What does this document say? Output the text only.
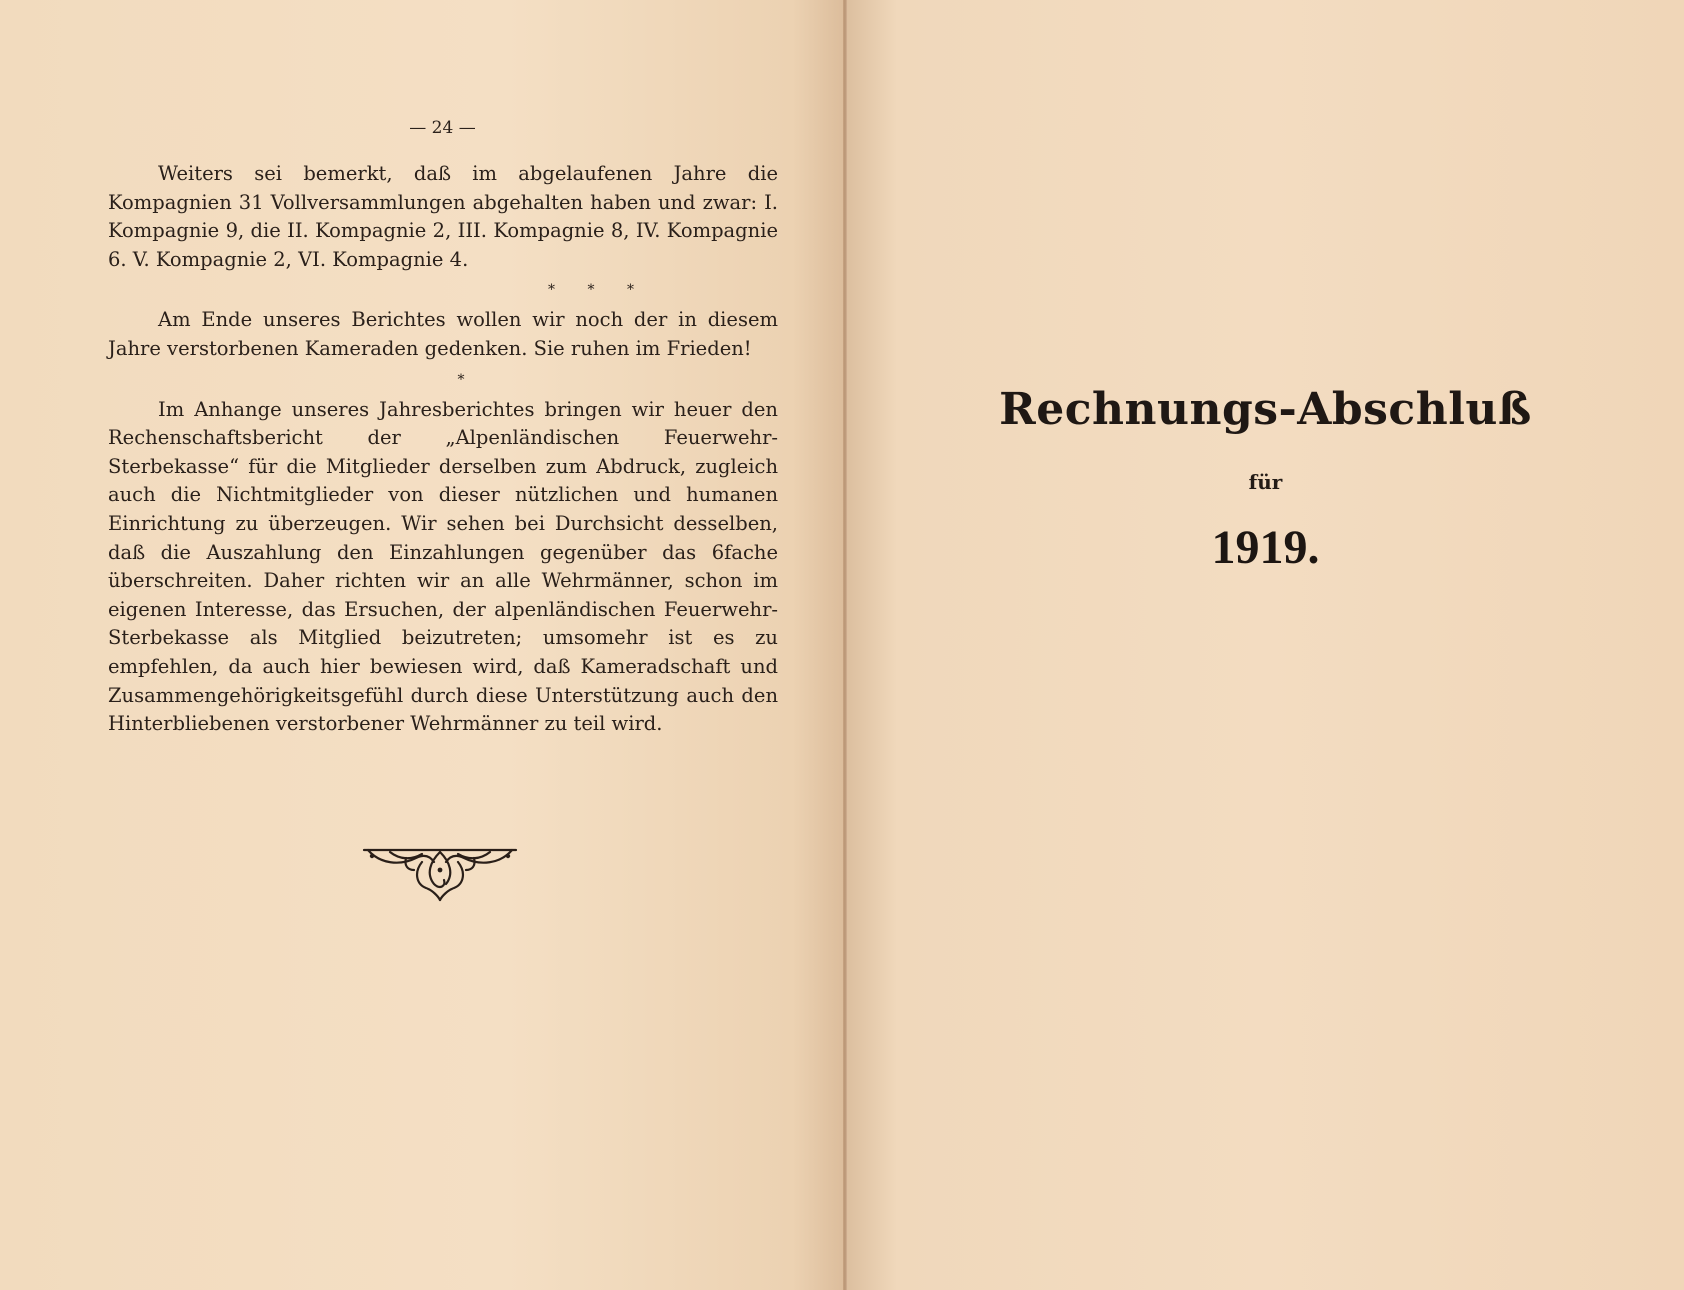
— 24 —

Weiters sei bemerkt, daß im abgelaufenen Jahre die Kompagnien 31 Vollversammlungen abgehalten haben und zwar: I. Kompagnie 9, die II. Kompagnie 2, III. Kompagnie 8, IV. Kompagnie 6. V. Kompagnie 2, VI. Kompagnie 4.

* * *

Am Ende unseres Berichtes wollen wir noch der in diesem Jahre verstorbenen Kameraden gedenken. Sie ruhen im Frieden!

*

Im Anhange unseres Jahresberichtes bringen wir heuer den Rechenschaftsbericht der „Alpenländischen Feuerwehr-Sterbekasse“ für die Mitglieder derselben zum Abdruck, zugleich auch die Nichtmitglieder von dieser nützlichen und humanen Einrichtung zu überzeugen. Wir sehen bei Durchsicht desselben, daß die Auszahlung den Einzahlungen gegenüber das 6fache überschreiten. Daher richten wir an alle Wehrmänner, schon im eigenen Interesse, das Ersuchen, der alpenländischen Feuerwehr-Sterbekasse als Mitglied beizutreten; umsomehr ist es zu empfehlen, da auch hier bewiesen wird, daß Kameradschaft und Zusammengehörigkeitsgefühl durch diese Unterstützung auch den Hinterbliebenen verstorbener Wehrmänner zu teil wird.

Rechnungs-Abschluß
für
1919.
